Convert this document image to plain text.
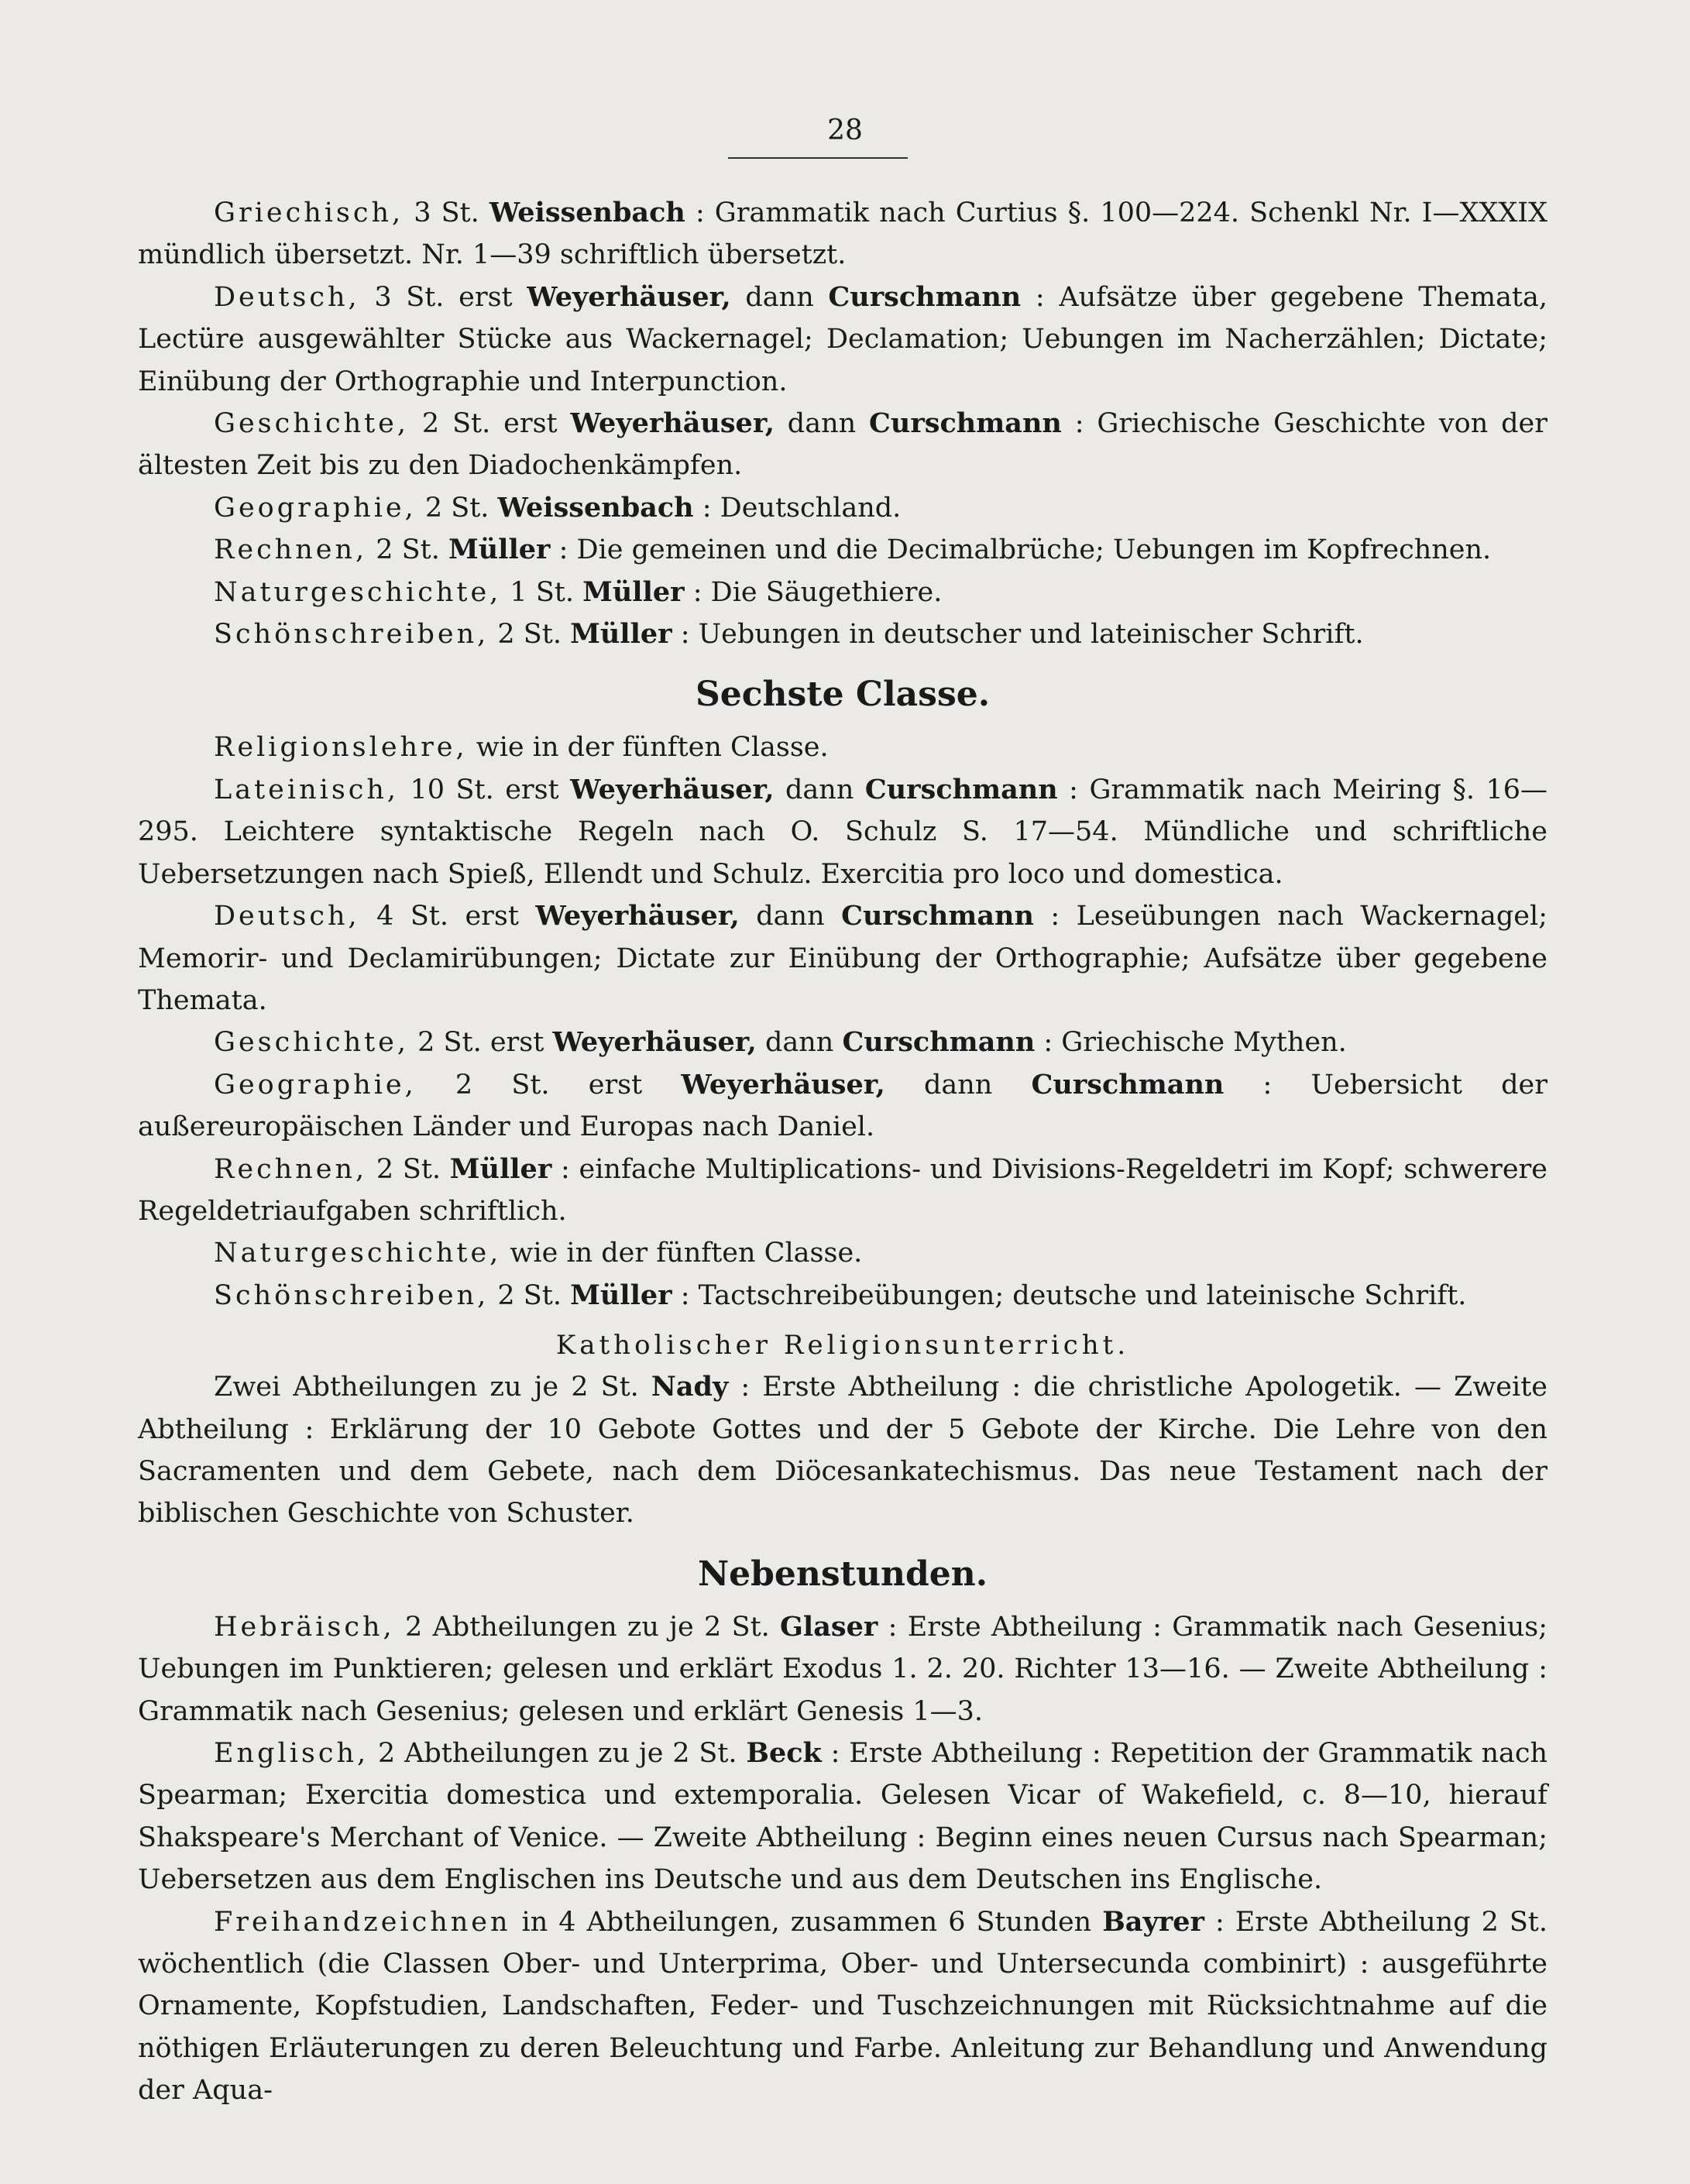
28

Griechisch, 3 St. Weissenbach : Grammatik nach Curtius §. 100—224. Schenkl Nr. I—XXXIX mündlich übersetzt. Nr. 1—39 schriftlich übersetzt.

Deutsch, 3 St. erst Weyerhäuser, dann Curschmann : Aufsätze über gegebene Themata, Lectüre ausgewählter Stücke aus Wackernagel; Declamation; Uebungen im Nacherzählen; Dictate; Einübung der Orthographie und Interpunction.

Geschichte, 2 St. erst Weyerhäuser, dann Curschmann : Griechische Geschichte von der ältesten Zeit bis zu den Diadochenkämpfen.

Geographie, 2 St. Weissenbach : Deutschland.

Rechnen, 2 St. Müller : Die gemeinen und die Decimalbrüche; Uebungen im Kopfrechnen.

Naturgeschichte, 1 St. Müller : Die Säugethiere.

Schönschreiben, 2 St. Müller : Uebungen in deutscher und lateinischer Schrift.

Sechste Classe.

Religionslehre, wie in der fünften Classe.

Lateinisch, 10 St. erst Weyerhäuser, dann Curschmann : Grammatik nach Meiring §. 16—295. Leichtere syntaktische Regeln nach O. Schulz S. 17—54. Mündliche und schriftliche Uebersetzungen nach Spieß, Ellendt und Schulz. Exercitia pro loco und domestica.

Deutsch, 4 St. erst Weyerhäuser, dann Curschmann : Leseübungen nach Wackernagel; Memorir- und Declamirübungen; Dictate zur Einübung der Orthographie; Aufsätze über gegebene Themata.

Geschichte, 2 St. erst Weyerhäuser, dann Curschmann : Griechische Mythen.

Geographie, 2 St. erst Weyerhäuser, dann Curschmann : Uebersicht der außereuropäischen Länder und Europas nach Daniel.

Rechnen, 2 St. Müller : einfache Multiplications- und Divisions-Regeldetri im Kopf; schwerere Regeldetriaufgaben schriftlich.

Naturgeschichte, wie in der fünften Classe.

Schönschreiben, 2 St. Müller : Tactschreibeübungen; deutsche und lateinische Schrift.

Katholischer Religionsunterricht.

Zwei Abtheilungen zu je 2 St. Nady : Erste Abtheilung : die christliche Apologetik. — Zweite Abtheilung : Erklärung der 10 Gebote Gottes und der 5 Gebote der Kirche. Die Lehre von den Sacramenten und dem Gebete, nach dem Diöcesankatechismus. Das neue Testament nach der biblischen Geschichte von Schuster.

Nebenstunden.

Hebräisch, 2 Abtheilungen zu je 2 St. Glaser : Erste Abtheilung : Grammatik nach Gesenius; Uebungen im Punktieren; gelesen und erklärt Exodus 1. 2. 20. Richter 13—16. — Zweite Abtheilung : Grammatik nach Gesenius; gelesen und erklärt Genesis 1—3.

Englisch, 2 Abtheilungen zu je 2 St. Beck : Erste Abtheilung : Repetition der Grammatik nach Spearman; Exercitia domestica und extemporalia. Gelesen Vicar of Wakefield, c. 8—10, hierauf Shakspeare's Merchant of Venice. — Zweite Abtheilung : Beginn eines neuen Cursus nach Spearman; Uebersetzen aus dem Englischen ins Deutsche und aus dem Deutschen ins Englische.

Freihandzeichnen in 4 Abtheilungen, zusammen 6 Stunden Bayrer : Erste Abtheilung 2 St. wöchentlich (die Classen Ober- und Unterprima, Ober- und Untersecunda combinirt) : ausgeführte Ornamente, Kopfstudien, Landschaften, Feder- und Tuschzeichnungen mit Rücksichtnahme auf die nöthigen Erläuterungen zu deren Beleuchtung und Farbe. Anleitung zur Behandlung und Anwendung der Aqua-
